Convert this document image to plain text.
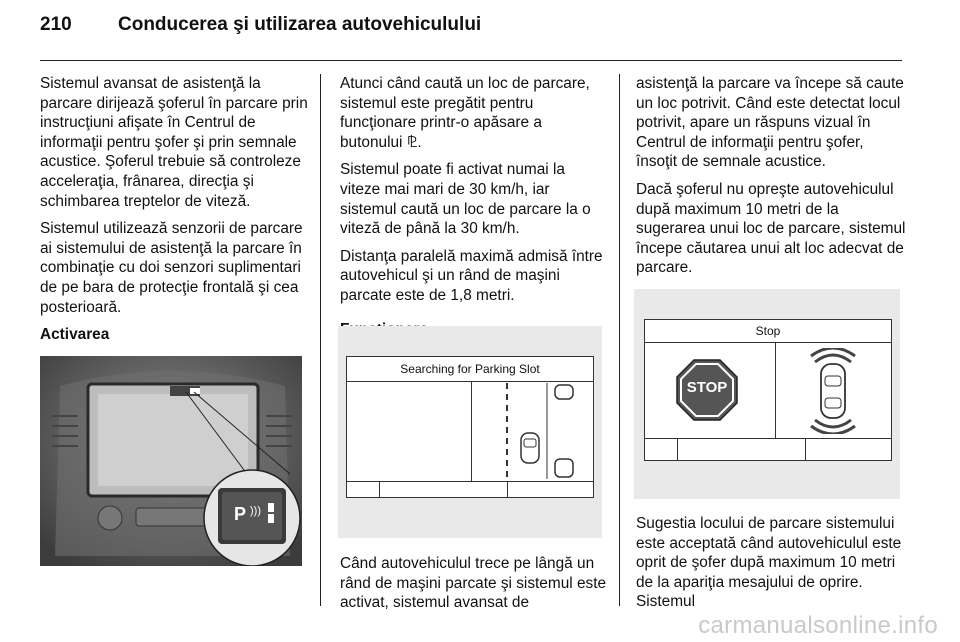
210 Conducerea şi utilizarea autovehiculului

Sistemul avansat de asistenţă la parcare dirijează şoferul în parcare prin instrucţiuni afişate în Centrul de informaţii pentru şofer şi prin semnale acustice. Şoferul trebuie să controleze acceleraţia, frânarea, direcţia şi schimbarea treptelor de viteză.

Sistemul utilizează senzorii de parcare ai sistemului de asistenţă la parcare în combinaţie cu doi senzori suplimentari de pe bara de protecţie frontală şi cea posterioară.

Activarea
P )))

Atunci când caută un loc de parcare, sistemul este pregătit pentru funcţionare printr-o apăsare a butonului ⅊.

Sistemul poate fi activat numai la viteze mai mari de 30 km/h, iar sistemul caută un loc de parcare la o viteză de până la 30 km/h.

Distanţa paralelă maximă admisă între autovehicul şi un rând de maşini parcate este de 1,8 metri.

Searching for Parking Slot

Când autovehiculul trece pe lângă un rând de maşini parcate şi sistemul este activat, sistemul avansat de

asistenţă la parcare va începe să caute un loc potrivit. Când este detectat locul potrivit, apare un răspuns vizual în Centrul de informaţii pentru şofer, însoţit de semnale acustice.

Dacă şoferul nu opreşte autovehiculul după maximum 10 metri de la sugerarea unui loc de parcare, sistemul începe căutarea unui alt loc adecvat de parcare.

Stop
STOP

Sugestia locului de parcare sistemului este acceptată când autovehiculul este oprit de şofer după maximum 10 metri de la apariţia mesajului de oprire. Sistemul

carmanualsonline.info
